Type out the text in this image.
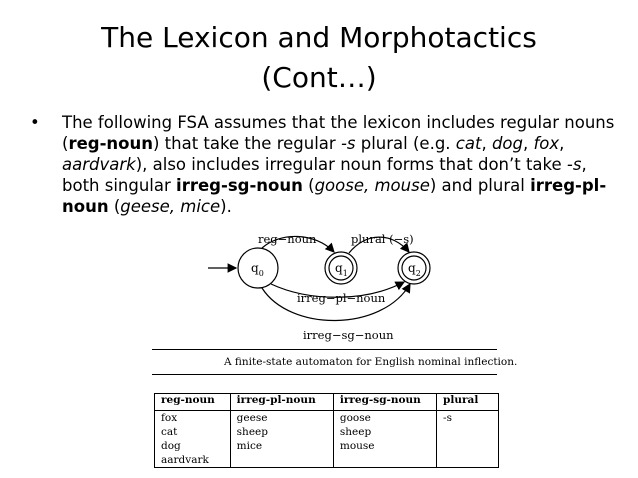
The Lexicon and Morphotactics
(Cont…)
• The following FSA assumes that the lexicon includes regular nouns (reg-noun) that take the regular -s plural (e.g. cat, dog, fox, aardvark), also includes irregular noun forms that don’t take -s, both singular irreg-sg-noun (goose, mouse) and plural irreg-pl-noun (geese, mice).
$q_0$	$q_1$	$q_2$
reg−noun	plural (−s)
irreg−pl−noun
irreg−sg−noun
A finite-state automaton for English nominal inflection.
reg-noun	irreg-pl-noun	irreg-sg-noun	plural
fox	geese	goose	-s
cat	sheep	sheep	
dog	mice	mouse	
aardvark			
